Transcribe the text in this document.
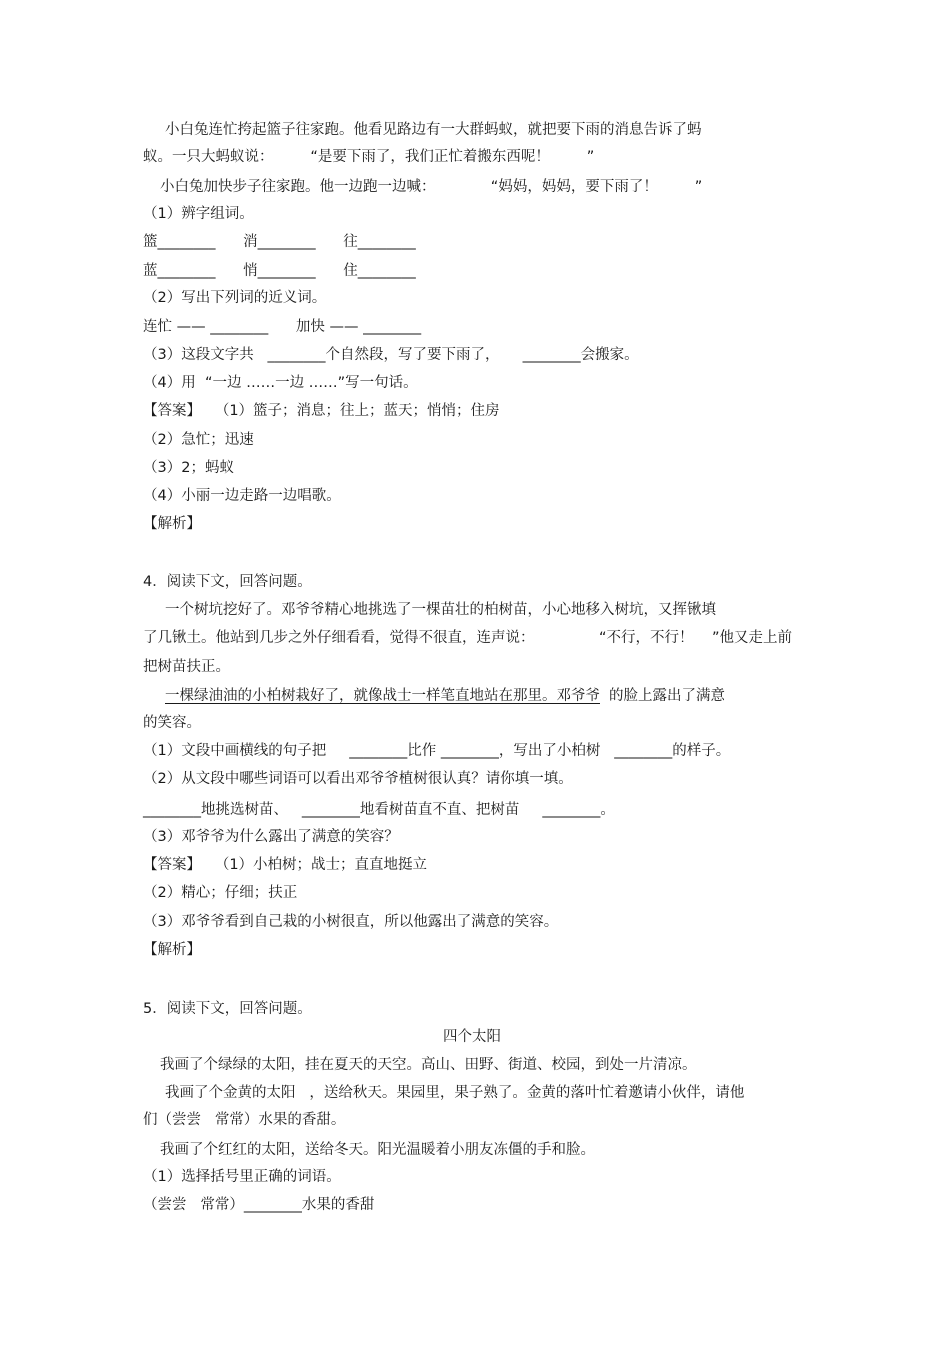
小白兔连忙挎起篮子往家跑。他看见路边有一大群蚂蚁，就把要下雨的消息告诉了蚂
蚁。一只大蚂蚁说：        “是要下雨了，我们正忙着搬东西呢！        ”
小白兔加快步子往家跑。他一边跑一边喊：            “妈妈，妈妈，要下雨了！        ”
（1）辨字组词。
篮________      消________      往________
蓝________      悄________      住________
（2）写出下列词的近义词。
连忙 —— ________      加快 —— ________
（3）这段文字共   ________个自然段，写了要下雨了，     ________会搬家。
（4）用  “一边 ……一边 ……”写一句话。
【答案】   （1）篮子；消息；往上；蓝天；悄悄；住房
（2）急忙；迅速
（3）2；蚂蚁
（4）小丽一边走路一边唱歌。
【解析】
4．阅读下文，回答问题。
一个树坑挖好了。邓爷爷精心地挑选了一棵苗壮的柏树苗，小心地移入树坑，又挥锹填
了几锹土。他站到几步之外仔细看看，觉得不很直，连声说：              “不行，不行！    ”他又走上前
把树苗扶正。
一棵绿油油的小柏树栽好了，就像战士一样笔直地站在那里。邓爷爷 的脸上露出了满意
的笑容。
（1）文段中画横线的句子把     ________比作 ________，写出了小柏树   ________的样子。
（2）从文段中哪些词语可以看出邓爷爷植树很认真？请你填一填。
________地挑选树苗、   ________地看树苗直不直、把树苗     ________。
（3）邓爷爷为什么露出了满意的笑容？
【答案】   （1）小柏树；战士；直直地挺立
（2）精心；仔细；扶正
（3）邓爷爷看到自己栽的小树很直，所以他露出了满意的笑容。
【解析】
5．阅读下文，回答问题。
我画了个绿绿的太阳，挂在夏天的天空。高山、田野、街道、校园，到处一片清凉。
我画了个金黄的太阳   ，送给秋天。果园里，果子熟了。金黄的落叶忙着邀请小伙伴，请他
们（尝尝   常常）水果的香甜。
我画了个红红的太阳，送给冬天。阳光温暖着小朋友冻僵的手和脸。
（1）选择括号里正确的词语。
（尝尝   常常）________水果的香甜
四个太阳
